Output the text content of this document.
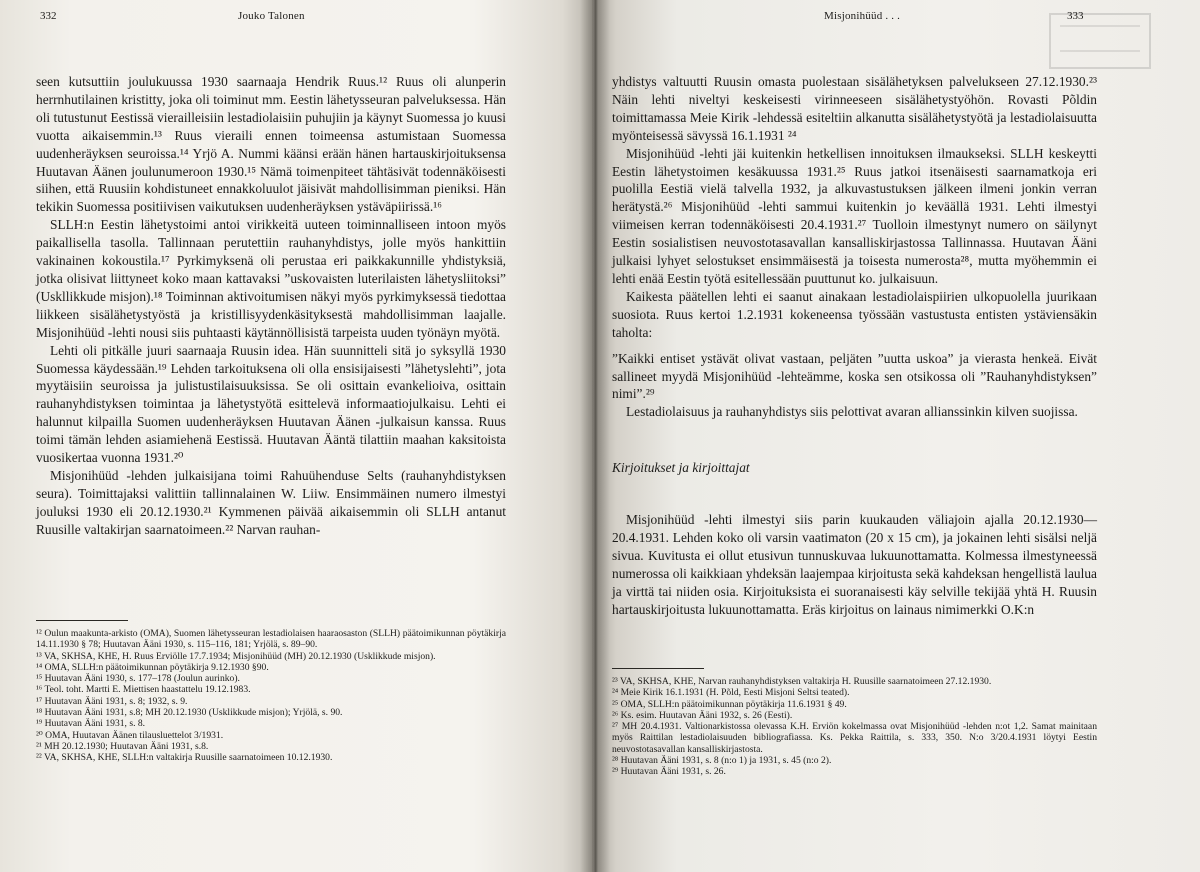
332	Jouko Talonen

seen kutsuttiin joulukuussa 1930 saarnaaja Hendrik Ruus.¹² Ruus oli alunperin herrnhutilainen kristitty, joka oli toiminut mm. Eestin lähetysseuran palveluksessa. Hän oli tutustunut Eestissä vierailleisiin lestadiolaisiin puhujiin ja käynyt Suomessa jo kuusi vuotta aikaisemmin.¹³ Ruus vieraili ennen toimeensa astumistaan Suomessa uudenheräyksen seuroissa.¹⁴ Yrjö A. Nummi käänsi erään hänen hartauskirjoituksensa Huutavan Äänen joulunumeroon 1930.¹⁵ Nämä toimenpiteet tähtäsivät todennäköisesti siihen, että Ruusiin kohdistuneet ennakkoluulot jäisivät mahdollisimman pieniksi. Hän tekikin Suomessa positiivisen vaikutuksen uudenheräyksen ystäväpiirissä.¹⁶

SLLH:n Eestin lähetystoimi antoi virikkeitä uuteen toiminnalliseen intoon myös paikallisella tasolla. Tallinnaan perutettiin rauhanyhdistys, jolle myös hankittiin vakinainen kokoustila.¹⁷ Pyrkimyksenä oli perustaa eri paikkakunnille yhdistyksiä, jotka olisivat liittyneet koko maan kattavaksi ”uskovaisten luterilaisten lähetysliitoksi” (Uskllikkude misjon).¹⁸ Toiminnan aktivoitumisen näkyi myös pyrkimyksessä tiedottaa liikkeen sisälähetystyöstä ja kristillisyydenkäsityksestä mahdollisimman laajalle. Misjonihüüd -lehti nousi siis puhtaasti käytännöllisistä tarpeista uuden työnäyn myötä.

Lehti oli pitkälle juuri saarnaaja Ruusin idea. Hän suunnitteli sitä jo syksyllä 1930 Suomessa käydessään.¹⁹ Lehden tarkoituksena oli olla ensisijaisesti ”lähetyslehti”, jota myytäisiin seuroissa ja julistustilaisuuksissa. Se oli osittain evankelioiva, osittain rauhanyhdistyksen toimintaa ja lähetystyötä esittelevä informaatiojulkaisu. Lehti ei halunnut kilpailla Suomen uudenheräyksen Huutavan Äänen -julkaisun kanssa. Ruus toimi tämän lehden asiamiehenä Eestissä. Huutavan Ääntä tilattiin maahan kaksitoista vuosikertaa vuonna 1931.²⁰

Misjonihüüd -lehden julkaisijana toimi Rahuühenduse Selts (rauhanyhdistyksen seura). Toimittajaksi valittiin tallinnalainen W. Liiw. Ensimmäinen numero ilmestyi jouluksi 1930 eli 20.12.1930.²¹ Kymmenen päivää aikaisemmin oli SLLH antanut Ruusille valtakirjan saarnatoimeen.²² Narvan rauhan-

¹² Oulun maakunta-arkisto (OMA), Suomen lähetysseuran lestadiolaisen haaraosaston (SLLH) päätoimikunnan pöytäkirja 14.11.1930 § 78; Huutavan Ääni 1930, s. 115–116, 181; Yrjölä, s. 89–90.

¹³ VA, SKHSA, KHE, H. Ruus Erviölle 17.7.1934; Misjonihüüd (MH) 20.12.1930 (Usklikkude misjon).

¹⁴ OMA, SLLH:n päätoimikunnan pöytäkirja 9.12.1930 §90.

¹⁵ Huutavan Ääni 1930, s. 177–178 (Joulun aurinko).

¹⁶ Teol. toht. Martti E. Miettisen haastattelu 19.12.1983.

¹⁷ Huutavan Ääni 1931, s. 8; 1932, s. 9.

¹⁸ Huutavan Ääni 1931, s.8; MH 20.12.1930 (Usklikkude misjon); Yrjölä, s. 90.

¹⁹ Huutavan Ääni 1931, s. 8.

²⁰ OMA, Huutavan Äänen tilausluettelot 3/1931.

²¹ MH 20.12.1930; Huutavan Ääni 1931, s.8.

²² VA, SKHSA, KHE, SLLH:n valtakirja Ruusille saarnatoimeen 10.12.1930.

Misjonihüüd . . .	333

yhdistys valtuutti Ruusin omasta puolestaan sisälähetyksen palvelukseen 27.12.1930.²³ Näin lehti niveltyi keskeisesti virinneeseen sisälähetystyöhön. Rovasti Põldin toimittamassa Meie Kirik -lehdessä esiteltiin alkanutta sisälähetystyötä ja lestadiolaisuutta myönteisessä sävyssä 16.1.1931 ²⁴

Misjonihüüd -lehti jäi kuitenkin hetkellisen innoituksen ilmaukseksi. SLLH keskeytti Eestin lähetystoimen kesäkuussa 1931.²⁵ Ruus jatkoi itsenäisesti saarnamatkoja eri puolilla Eestiä vielä talvella 1932, ja alkuvastustuksen jälkeen ilmeni jonkin verran herätystä.²⁶ Misjonihüüd -lehti sammui kuitenkin jo keväällä 1931. Lehti ilmestyi viimeisen kerran todennäköisesti 20.4.1931.²⁷ Tuolloin ilmestynyt numero on säilynyt Eestin sosialistisen neuvostotasavallan kansalliskirjastossa Tallinnassa. Huutavan Ääni julkaisi lyhyet selostukset ensimmäisestä ja toisesta numerosta²⁸, mutta myöhemmin ei lehti enää Eestin työtä esitellessään puuttunut ko. julkaisuun.

Kaikesta päätellen lehti ei saanut ainakaan lestadiolaispiirien ulkopuolella juurikaan suosiota. Ruus kertoi 1.2.1931 kokeneensa työssään vastustusta entisten ystäviensäkin taholta:

”Kaikki entiset ystävät olivat vastaan, peljäten ”uutta uskoa” ja vierasta henkeä. Eivät sallineet myydä Misjonihüüd -lehteämme, koska sen otsikossa oli ”Rauhanyhdistyksen” nimi”.²⁹

Lestadiolaisuus ja rauhanyhdistys siis pelottivat avaran allianssinkin kilven suojissa.

Kirjoitukset ja kirjoittajat

Misjonihüüd -lehti ilmestyi siis parin kuukauden väliajoin ajalla 20.12.1930—20.4.1931. Lehden koko oli varsin vaatimaton (20 x 15 cm), ja jokainen lehti sisälsi neljä sivua. Kuvitusta ei ollut etusivun tunnuskuvaa lukuunottamatta. Kolmessa ilmestyneessä numerossa oli kaikkiaan yhdeksän laajempaa kirjoitusta sekä kahdeksan hengellistä laulua ja virttä tai niiden osia. Kirjoituksista ei suoranaisesti käy selville tekijää yhtä H. Ruusin hartauskirjoitusta lukuunottamatta. Eräs kirjoitus on lainaus nimimerkki O.K:n

²³ VA, SKHSA, KHE, Narvan rauhanyhdistyksen valtakirja H. Ruusille saarnatoimeen 27.12.1930.

²⁴ Meie Kirik 16.1.1931 (H. Põld, Eesti Misjoni Seltsi teated).

²⁵ OMA, SLLH:n päätoimikunnan pöytäkirja 11.6.1931 § 49.

²⁶ Ks. esim. Huutavan Ääni 1932, s. 26 (Eesti).

²⁷ MH 20.4.1931. Valtionarkistossa olevassa K.H. Erviön kokelmassa ovat Misjonihüüd -lehden n:ot 1,2. Samat mainitaan myös Raittilan lestadiolaisuuden bibliografiassa. Ks. Pekka Raittila, s. 333, 350. N:o 3/20.4.1931 löytyi Eestin neuvostotasavallan kansalliskirjastosta.

²⁸ Huutavan Ääni 1931, s. 8 (n:o 1) ja 1931, s. 45 (n:o 2).

²⁹ Huutavan Ääni 1931, s. 26.
